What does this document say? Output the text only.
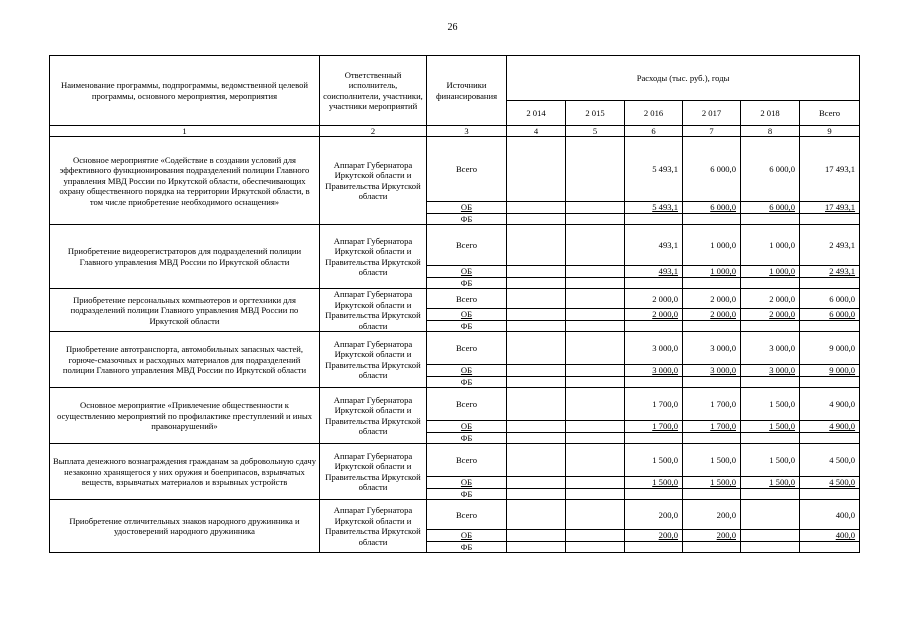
26
Наименование программы, подпрограммы, ведомственной целевой программы, основного мероприятия, мероприятия	Ответственный исполнитель, соисполнители, участники, участники мероприятий	Источники финансирования	Расходы (тыс. руб.), годы					
			2 014	2 015	2 016	2 017	2 018	Всего
1	2	3	4	5	6	7	8	9
Основное мероприятие «Содействие в создании условий для эффективного функционирования подразделений полиции Главного управления МВД России по Иркутской области, обеспечивающих охрану общественного порядка на территории Иркутской области, в том числе приобретение необходимого оснащения»	Аппарат Губернатора Иркутской области и Правительства Иркутской области	Всего			5 493,1	6 000,0	6 000,0	17 493,1
		ОБ			5 493,1	6 000,0	6 000,0	17 493,1
		ФБ						
Приобретение видеорегистраторов для подразделений полиции Главного управления МВД России по Иркутской области	Аппарат Губернатора Иркутской области и Правительства Иркутской области	Всего			493,1	1 000,0	1 000,0	2 493,1
		ОБ			493,1	1 000,0	1 000,0	2 493,1
		ФБ						
Приобретение персональных компьютеров и оргтехники для подразделений полиции Главного управления МВД России по Иркутской области	Аппарат Губернатора Иркутской области и Правительства Иркутской области	Всего			2 000,0	2 000,0	2 000,0	6 000,0
		ОБ			2 000,0	2 000,0	2 000,0	6 000,0
		ФБ						
Приобретение автотранспорта, автомобильных запасных частей, горюче-смазочных и расходных материалов для подразделений полиции Главного управления МВД России по Иркутской области	Аппарат Губернатора Иркутской области и Правительства Иркутской области	Всего			3 000,0	3 000,0	3 000,0	9 000,0
		ОБ			3 000,0	3 000,0	3 000,0	9 000,0
		ФБ						
Основное мероприятие «Привлечение общественности к осуществлению мероприятий по профилактике преступлений и иных правонарушений»	Аппарат Губернатора Иркутской области и Правительства Иркутской области	Всего			1 700,0	1 700,0	1 500,0	4 900,0
		ОБ			1 700,0	1 700,0	1 500,0	4 900,0
		ФБ						
Выплата денежного вознаграждения гражданам за добровольную сдачу незаконно хранящегося у них оружия и боеприпасов, взрывчатых веществ, взрывчатых материалов и взрывных устройств	Аппарат Губернатора Иркутской области и Правительства Иркутской области	Всего			1 500,0	1 500,0	1 500,0	4 500,0
		ОБ			1 500,0	1 500,0	1 500,0	4 500,0
		ФБ						
Приобретение отличительных знаков народного дружинника и удостоверений народного дружинника	Аппарат Губернатора Иркутской области и Правительства Иркутской области	Всего			200,0	200,0		400,0
		ОБ			200,0	200,0		400,0
		ФБ						
